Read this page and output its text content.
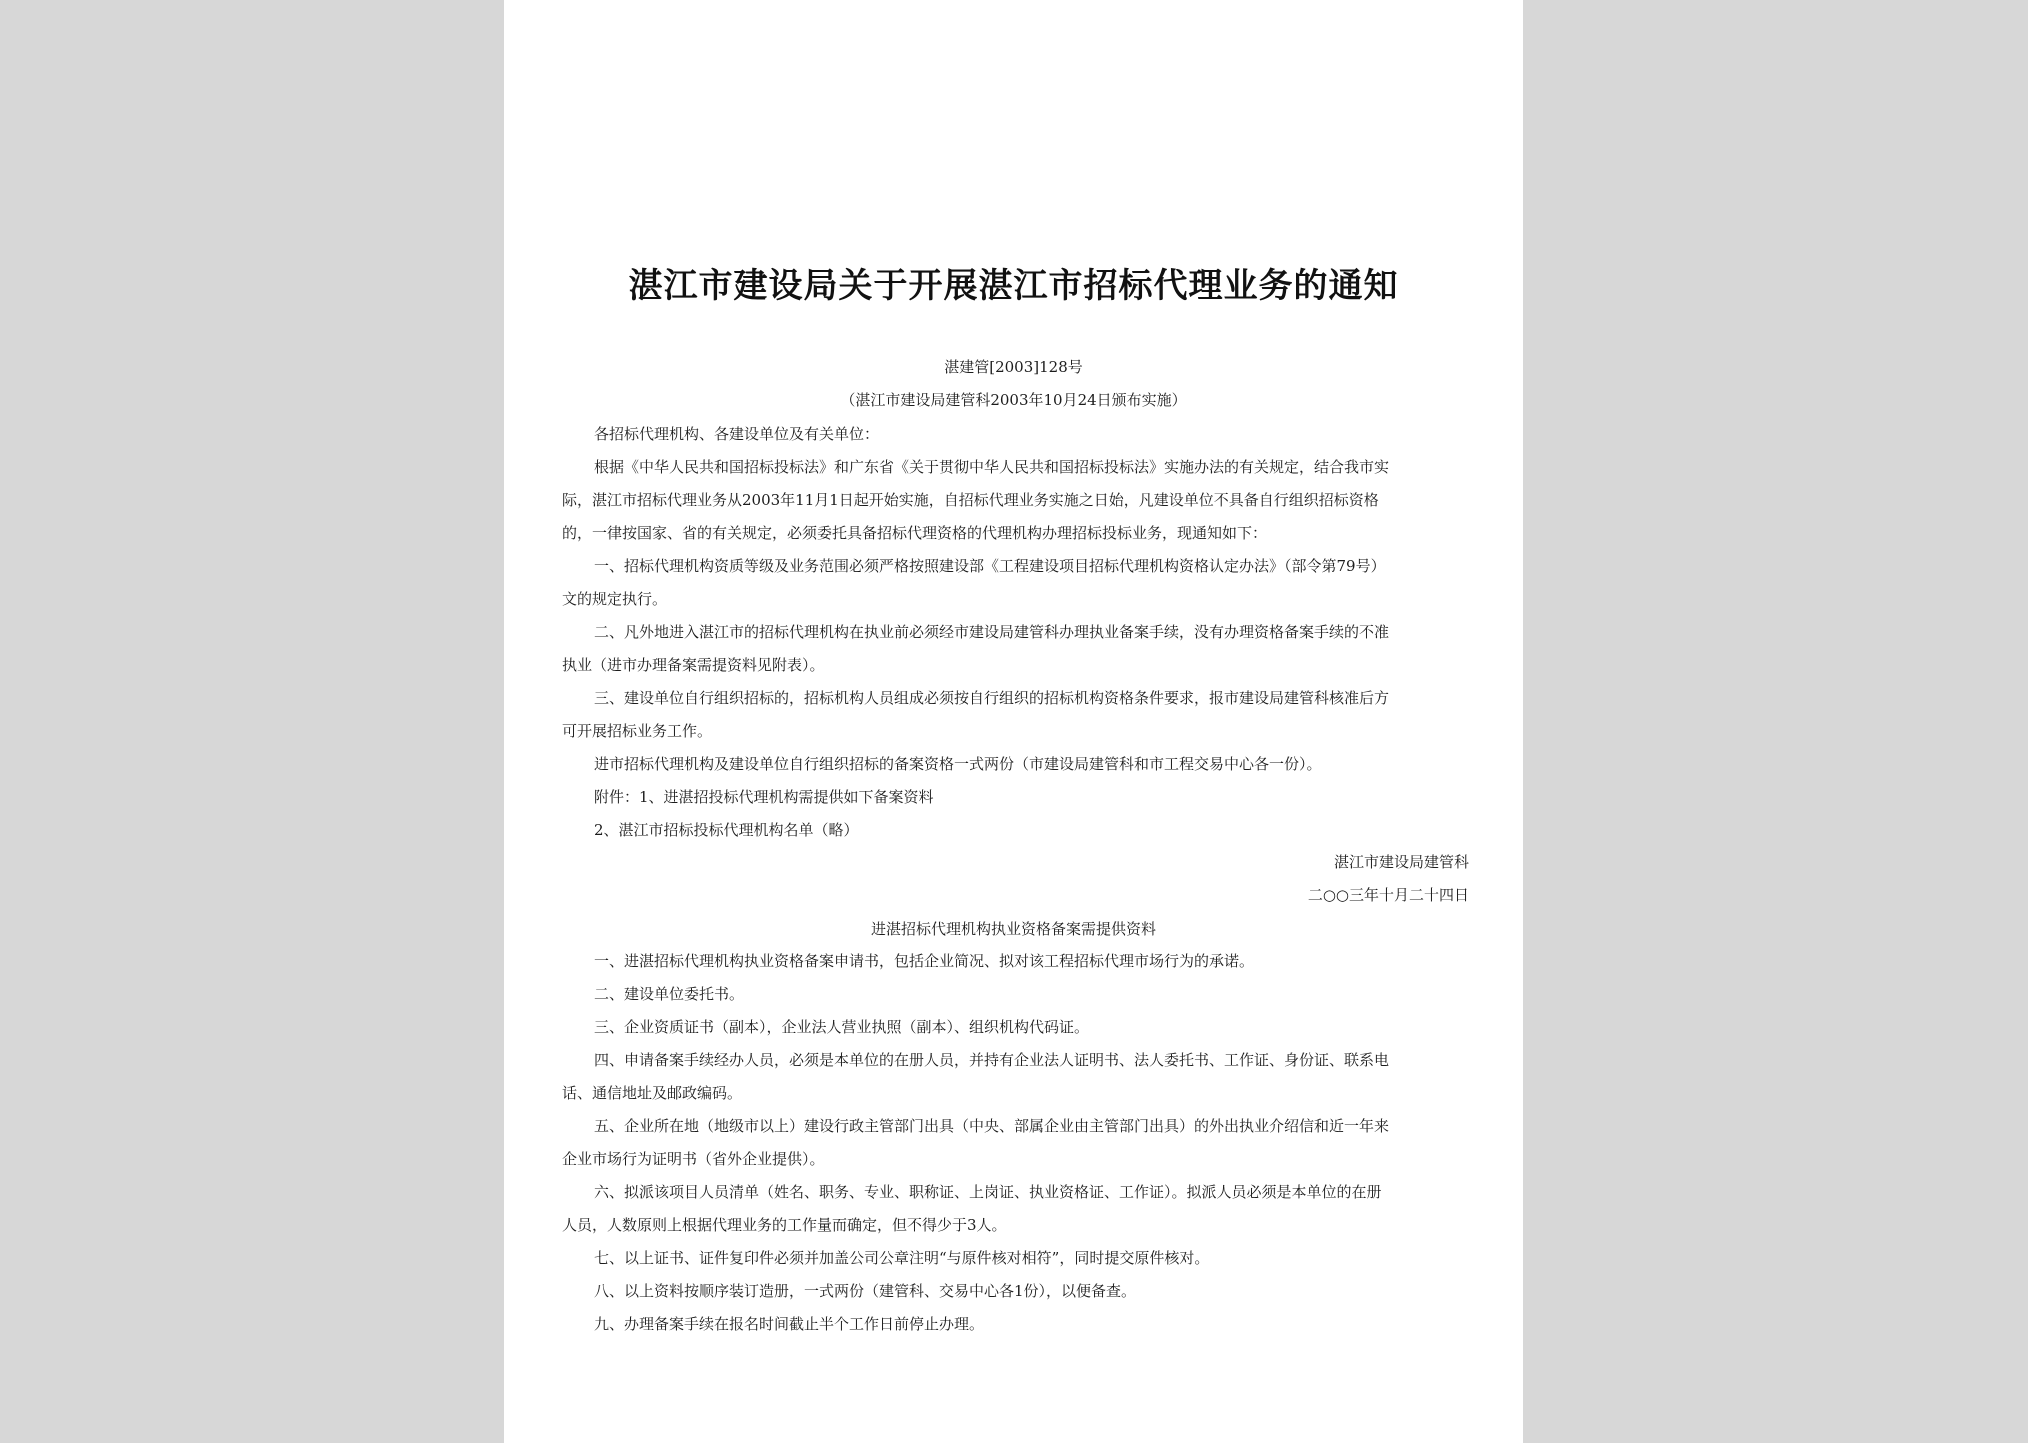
湛江市建设局关于开展湛江市招标代理业务的通知
湛建管[2003]128号
（湛江市建设局建管科2003年10月24日颁布实施）
各招标代理机构、各建设单位及有关单位：
根据《中华人民共和国招标投标法》和广东省《关于贯彻中华人民共和国招标投标法》实施办法的有关规定，结合我市实
际，湛江市招标代理业务从2003年11月1日起开始实施，自招标代理业务实施之日始，凡建设单位不具备自行组织招标资格
的，一律按国家、省的有关规定，必须委托具备招标代理资格的代理机构办理招标投标业务，现通知如下：
一、招标代理机构资质等级及业务范围必须严格按照建设部《工程建设项目招标代理机构资格认定办法》（部令第79号）
文的规定执行。
二、凡外地进入湛江市的招标代理机构在执业前必须经市建设局建管科办理执业备案手续，没有办理资格备案手续的不准
执业（进市办理备案需提资料见附表）。
三、建设单位自行组织招标的，招标机构人员组成必须按自行组织的招标机构资格条件要求，报市建设局建管科核准后方
可开展招标业务工作。
进市招标代理机构及建设单位自行组织招标的备案资格一式两份（市建设局建管科和市工程交易中心各一份）。
附件：1、进湛招投标代理机构需提供如下备案资料
2、湛江市招标投标代理机构名单（略）
湛江市建设局建管科
二○○三年十月二十四日
进湛招标代理机构执业资格备案需提供资料
一、进湛招标代理机构执业资格备案申请书，包括企业简况、拟对该工程招标代理市场行为的承诺。
二、建设单位委托书。
三、企业资质证书（副本），企业法人营业执照（副本）、组织机构代码证。
四、申请备案手续经办人员，必须是本单位的在册人员，并持有企业法人证明书、法人委托书、工作证、身份证、联系电
话、通信地址及邮政编码。
五、企业所在地（地级市以上）建设行政主管部门出具（中央、部属企业由主管部门出具）的外出执业介绍信和近一年来
企业市场行为证明书（省外企业提供）。
六、拟派该项目人员清单（姓名、职务、专业、职称证、上岗证、执业资格证、工作证）。拟派人员必须是本单位的在册
人员，人数原则上根据代理业务的工作量而确定，但不得少于3人。
七、以上证书、证件复印件必须并加盖公司公章注明“与原件核对相符”，同时提交原件核对。
八、以上资料按顺序装订造册，一式两份（建管科、交易中心各1份），以便备查。
九、办理备案手续在报名时间截止半个工作日前停止办理。
